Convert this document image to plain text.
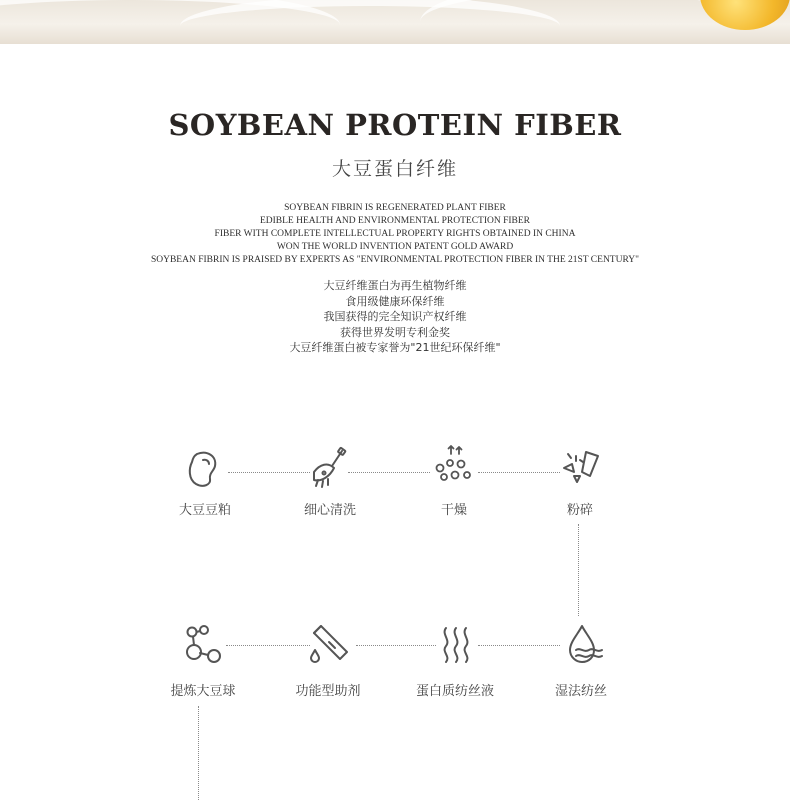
SOYBEAN PROTEIN FIBER
大豆蛋白纤维
SOYBEAN FIBRIN IS REGENERATED PLANT FIBER
EDIBLE HEALTH AND ENVIRONMENTAL PROTECTION FIBER
FIBER WITH COMPLETE INTELLECTUAL PROPERTY RIGHTS OBTAINED IN CHINA
WON THE WORLD INVENTION PATENT GOLD AWARD
SOYBEAN FIBRIN IS PRAISED BY EXPERTS AS "ENVIRONMENTAL PROTECTION FIBER IN THE 21ST CENTURY"
大豆纤维蛋白为再生植物纤维
食用级健康环保纤维
我国获得的完全知识产权纤维
获得世界发明专利金奖
大豆纤维蛋白被专家誉为"21世纪环保纤维"
大豆豆粕	细心清洗	干燥	粉碎
湿法纺丝
蛋白质纺丝液
功能型助剂
提炼大豆球
